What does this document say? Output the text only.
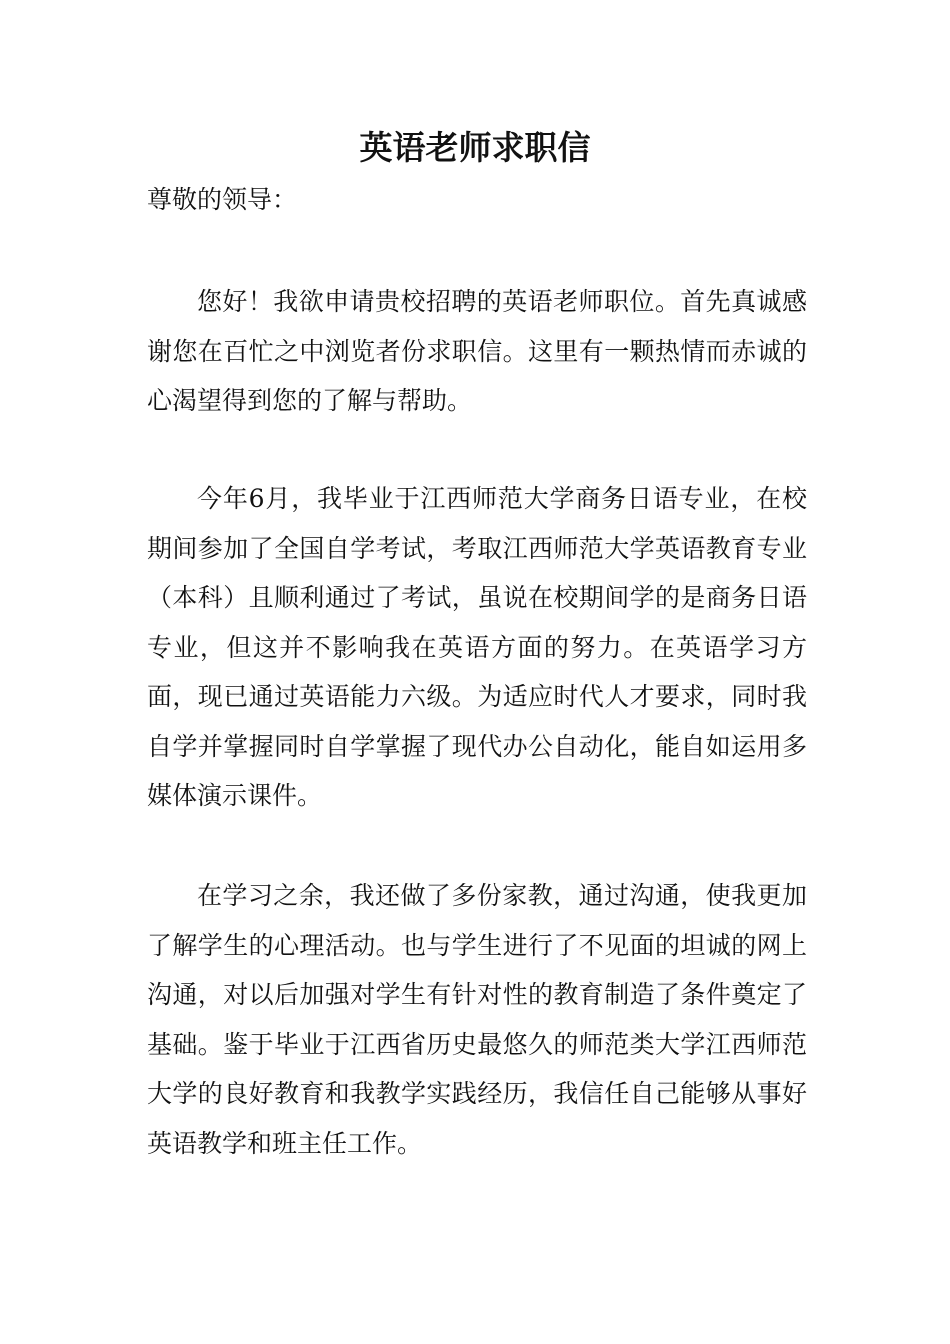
英语老师求职信
尊敬的领导：

您好！我欲申请贵校招聘的英语老师职位。首先真诚感谢您在百忙之中浏览者份求职信。这里有一颗热情而赤诚的心渴望得到您的了解与帮助。

今年6月，我毕业于江西师范大学商务日语专业，在校期间参加了全国自学考试，考取江西师范大学英语教育专业（本科）且顺利通过了考试，虽说在校期间学的是商务日语专业，但这并不影响我在英语方面的努力。在英语学习方面，现已通过英语能力六级。为适应时代人才要求，同时我自学并掌握同时自学掌握了现代办公自动化，能自如运用多媒体演示课件。

在学习之余，我还做了多份家教，通过沟通，使我更加了解学生的心理活动。也与学生进行了不见面的坦诚的网上沟通，对以后加强对学生有针对性的教育制造了条件奠定了基础。鉴于毕业于江西省历史最悠久的师范类大学江西师范大学的良好教育和我教学实践经历，我信任自己能够从事好英语教学和班主任工作。
